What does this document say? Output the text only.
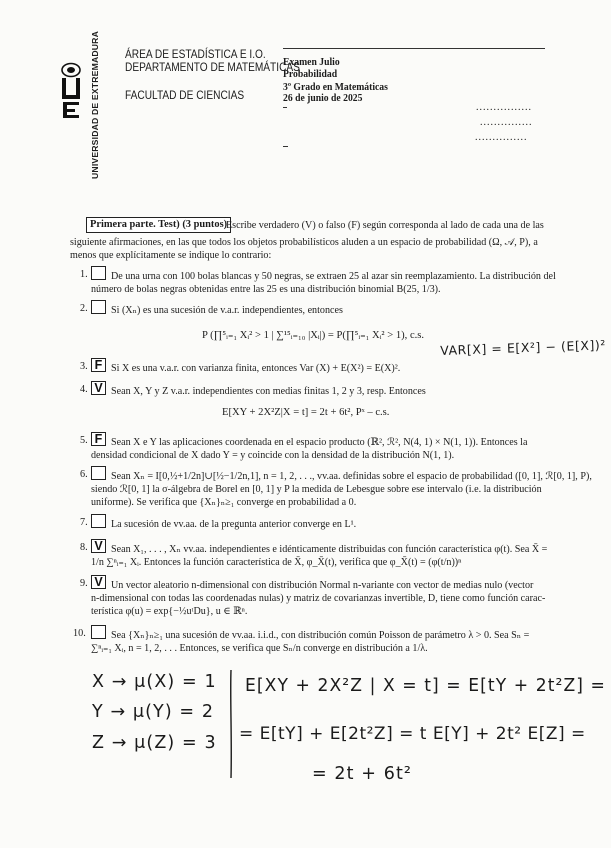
UNIVERSIDAD DE EXTREMADURA ÁREA DE ESTADÍSTICA E I.O.
DEPARTAMENTO DE MATEMÁTICAS
FACULTAD DE CIENCIAS
Examen Julio
Probabilidad
3º Grado en Matemáticas
26 de junio de 2025
................
...............
...............
Primera parte. Test) (3 puntos)
Escribe verdadero (V) o falso (F) según corresponda al lado de cada una de las
siguiente afirmaciones, en las que todos los objetos probabilísticos aluden a un espacio de probabilidad (Ω, 𝒜, P), a
menos que explícitamente se indique lo contrario:
1. De una urna con 100 bolas blancas y 50 negras, se extraen 25 al azar sin reemplazamiento. La distribución del
número de bolas negras obtenidas entre las 25 es una distribución binomial B(25, 1/3).
2. Si (Xₙ) es una sucesión de v.a.r. independientes, entonces
P (∏⁵ᵢ₌₁ Xᵢ² > 1 | ∑¹⁵ᵢ₌₁₀ |Xᵢ|) = P(∏⁵ᵢ₌₁ Xᵢ² > 1), c.s.
3. F Si X es una v.a.r. con varianza finita, entonces Var (X) + E(X²) = E(X)².
4. V Sean X, Y y Z v.a.r. independientes con medias finitas 1, 2 y 3, resp. Entonces
E[XY + 2X²Z|X = t] = 2t + 6t², Pˣ – c.s.
5. F Sean X e Y las aplicaciones coordenada en el espacio producto (ℝ², ℛ², N(4, 1) × N(1, 1)). Entonces la
densidad condicional de X dado Y = y coincide con la densidad de la distribución N(1, 1).
6. Sean Xₙ = I[0,½+1/2n]∪[½−1/2n,1], n = 1, 2, . . ., vv.aa. definidas sobre el espacio de probabilidad ([0, 1], ℛ[0, 1], P),
siendo ℛ[0, 1] la σ-álgebra de Borel en [0, 1] y P la medida de Lebesgue sobre ese intervalo (i.e. la distribución
uniforme). Se verifica que {Xₙ}ₙ≥₁ converge en probabilidad a 0.
7. La sucesión de vv.aa. de la pregunta anterior converge en L¹.
8. V Sean X₁, . . . , Xₙ vv.aa. independientes e idénticamente distribuidas con función característica φ(t). Sea X̄ =
1/n ∑ⁿᵢ₌₁ Xᵢ. Entonces la función característica de X̄, φ_X̄(t), verifica que φ_X̄(t) = (φ(t/n))ⁿ
9. V Un vector aleatorio n-dimensional con distribución Normal n-variante con vector de medias nulo (vector
n-dimensional con todas las coordenadas nulas) y matriz de covarianzas invertible, D, tiene como función carac-
terística φ(u) = exp{−½uᵗDu}, u ∈ ℝⁿ.
10.	Sea {Xₙ}ₙ≥₁ una sucesión de vv.aa. i.i.d., con distribución común Poisson de parámetro λ > 0. Sea Sₙ =
∑ⁿᵢ₌₁ Xᵢ, n = 1, 2, . . . Entonces, se verifica que Sₙ/n converge en distribución a 1/λ.
VAR[X] = E[X²] − (E[X])²
X → μ(X) = 1
Y → μ(Y) = 2
Z → μ(Z) = 3
E[XY + 2X²Z | X = t] = E[tY + 2t²Z] =
= E[tY] + E[2t²Z] = t E[Y] + 2t² E[Z] =
= 2t + 6t²
